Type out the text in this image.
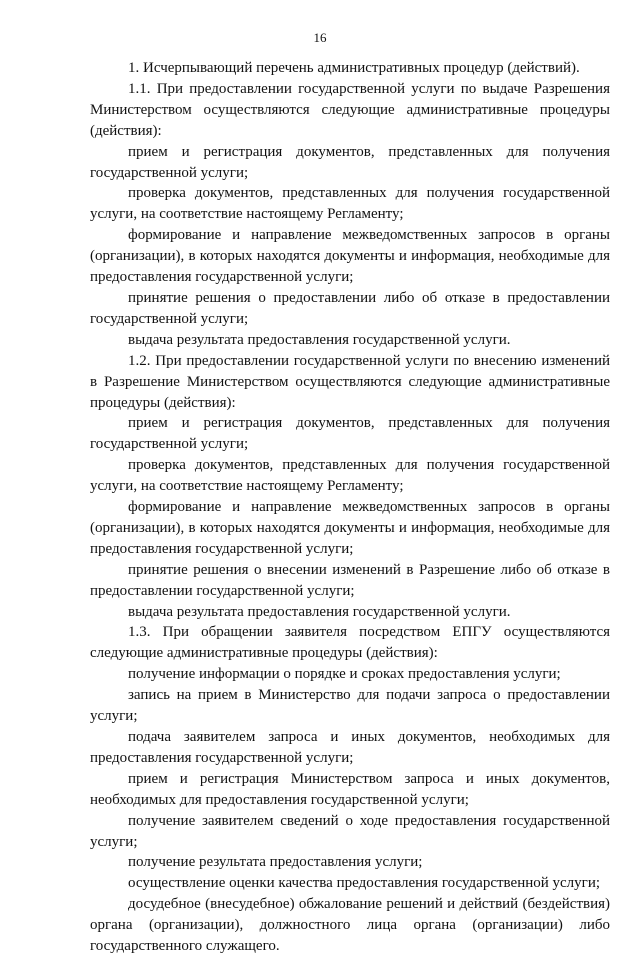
16

1. Исчерпывающий перечень административных процедур (действий).

1.1. При предоставлении государственной услуги по выдаче Разрешения Министерством осуществляются следующие административные процедуры (действия):

прием и регистрация документов, представленных для получения государственной услуги;

проверка документов, представленных для получения государственной услуги, на соответствие настоящему Регламенту;

формирование и направление межведомственных запросов в органы (организации), в которых находятся документы и информация, необходимые для предоставления государственной услуги;

принятие решения о предоставлении либо об отказе в предоставлении государственной услуги;

выдача результата предоставления государственной услуги.

1.2. При предоставлении государственной услуги по внесению изменений в Разрешение Министерством осуществляются следующие административные процедуры (действия):

прием и регистрация документов, представленных для получения государственной услуги;

проверка документов, представленных для получения государственной услуги, на соответствие настоящему Регламенту;

формирование и направление межведомственных запросов в органы (организации), в которых находятся документы и информация, необходимые для предоставления государственной услуги;

принятие решения о внесении изменений в Разрешение либо об отказе в предоставлении государственной услуги;

выдача результата предоставления государственной услуги.

1.3. При обращении заявителя посредством ЕПГУ осуществляются следующие административные процедуры (действия):

получение информации о порядке и сроках предоставления услуги;

запись на прием в Министерство для подачи запроса о предоставлении услуги;

подача заявителем запроса и иных документов, необходимых для предоставления государственной услуги;

прием и регистрация Министерством запроса и иных документов, необходимых для предоставления государственной услуги;

получение заявителем сведений о ходе предоставления государственной услуги;

получение результата предоставления услуги;

осуществление оценки качества предоставления государственной услуги;

досудебное (внесудебное) обжалование решений и действий (бездействия) органа (организации), должностного лица органа (организации) либо государственного служащего.
